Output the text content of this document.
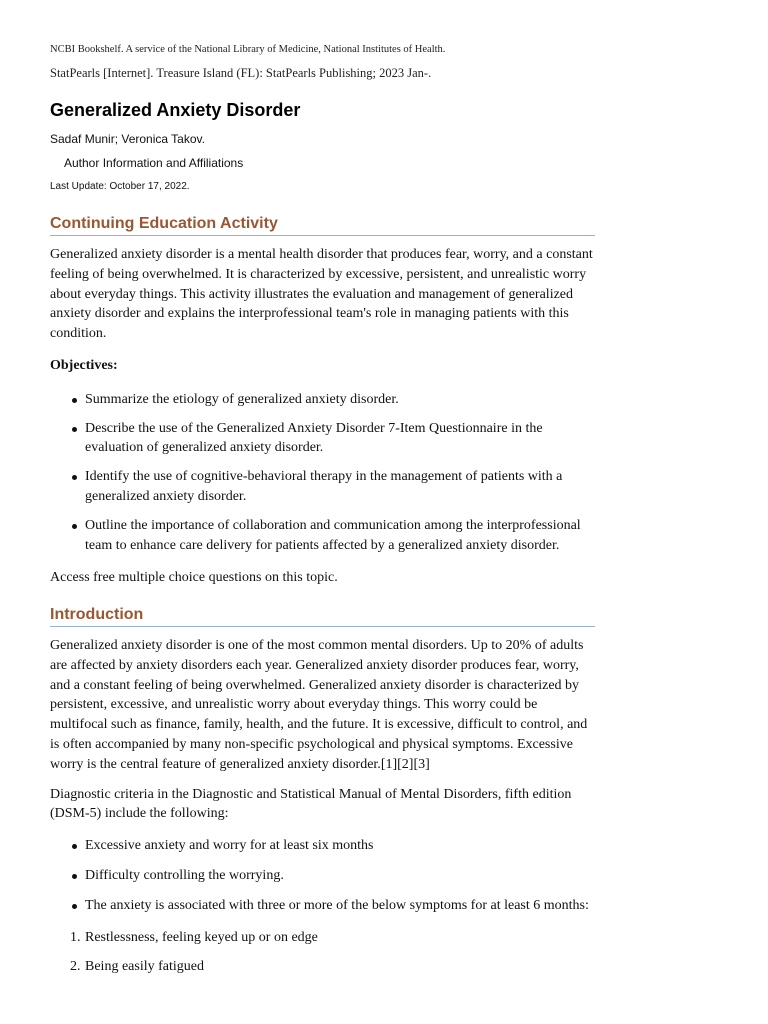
NCBI Bookshelf. A service of the National Library of Medicine, National Institutes of Health.
StatPearls [Internet]. Treasure Island (FL): StatPearls Publishing; 2023 Jan-.
Generalized Anxiety Disorder
Sadaf Munir; Veronica Takov.
Author Information and Affiliations
Last Update: October 17, 2022.
Continuing Education Activity

Generalized anxiety disorder is a mental health disorder that produces fear, worry, and a constant feeling of being overwhelmed. It is characterized by excessive, persistent, and unrealistic worry about everyday things. This activity illustrates the evaluation and management of generalized anxiety disorder and explains the interprofessional team's role in managing patients with this condition.

Objectives:

Summarize the etiology of generalized anxiety disorder.
Describe the use of the Generalized Anxiety Disorder 7-Item Questionnaire in the evaluation of generalized anxiety disorder.
Identify the use of cognitive-behavioral therapy in the management of patients with a generalized anxiety disorder.
Outline the importance of collaboration and communication among the interprofessional team to enhance care delivery for patients affected by a generalized anxiety disorder.

Access free multiple choice questions on this topic.

Introduction

Generalized anxiety disorder is one of the most common mental disorders. Up to 20% of adults are affected by anxiety disorders each year. Generalized anxiety disorder produces fear, worry, and a constant feeling of being overwhelmed. Generalized anxiety disorder is characterized by persistent, excessive, and unrealistic worry about everyday things. This worry could be multifocal such as finance, family, health, and the future. It is excessive, difficult to control, and is often accompanied by many non-specific psychological and physical symptoms. Excessive worry is the central feature of generalized anxiety disorder.[1][2][3]

Diagnostic criteria in the Diagnostic and Statistical Manual of Mental Disorders, fifth edition (DSM-5) include the following:

Excessive anxiety and worry for at least six months
Difficulty controlling the worrying.
The anxiety is associated with three or more of the below symptoms for at least 6 months:
1. Restlessness, feeling keyed up or on edge
2. Being easily fatigued
